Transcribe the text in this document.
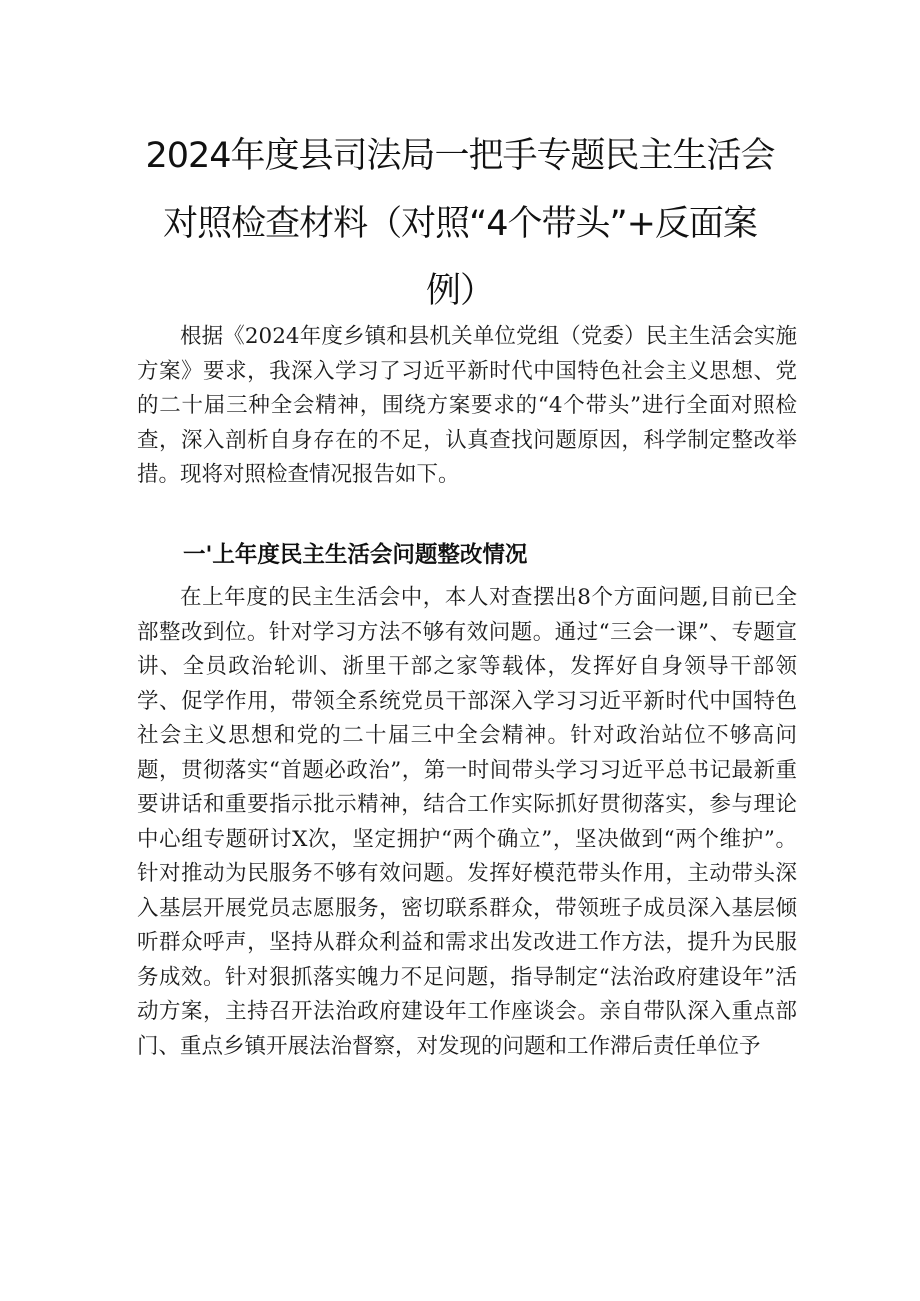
2024年度县司法局一把手专题民主生活会
对照检查材料（对照“4个带头”+反面案
例）

根据《2024年度乡镇和县机关单位党组（党委）民主生活会实施方案》要求，我深入学习了习近平新时代中国特色社会主义思想、党的二十届三种全会精神，围绕方案要求的“4个带头”进行全面对照检查，深入剖析自身存在的不足，认真查找问题原因，科学制定整改举措。现将对照检查情况报告如下。

一'上年度民主生活会问题整改情况

在上年度的民主生活会中，本人对查摆出8个方面问题,目前已全部整改到位。针对学习方法不够有效问题。通过“三会一课”、专题宣讲、全员政治轮训、浙里干部之家等载体，发挥好自身领导干部领学、促学作用，带领全系统党员干部深入学习习近平新时代中国特色社会主义思想和党的二十届三中全会精神。针对政治站位不够高问题，贯彻落实“首题必政治”，第一时间带头学习习近平总书记最新重要讲话和重要指示批示精神，结合工作实际抓好贯彻落实，参与理论中心组专题研讨X次，坚定拥护“两个确立”，坚决做到“两个维护”。针对推动为民服务不够有效问题。发挥好模范带头作用，主动带头深入基层开展党员志愿服务，密切联系群众，带领班子成员深入基层倾听群众呼声，坚持从群众利益和需求出发改进工作方法，提升为民服务成效。针对狠抓落实魄力不足问题，指导制定“法治政府建设年”活动方案，主持召开法治政府建设年工作座谈会。亲自带队深入重点部门、重点乡镇开展法治督察，对发现的问题和工作滞后责任单位予
